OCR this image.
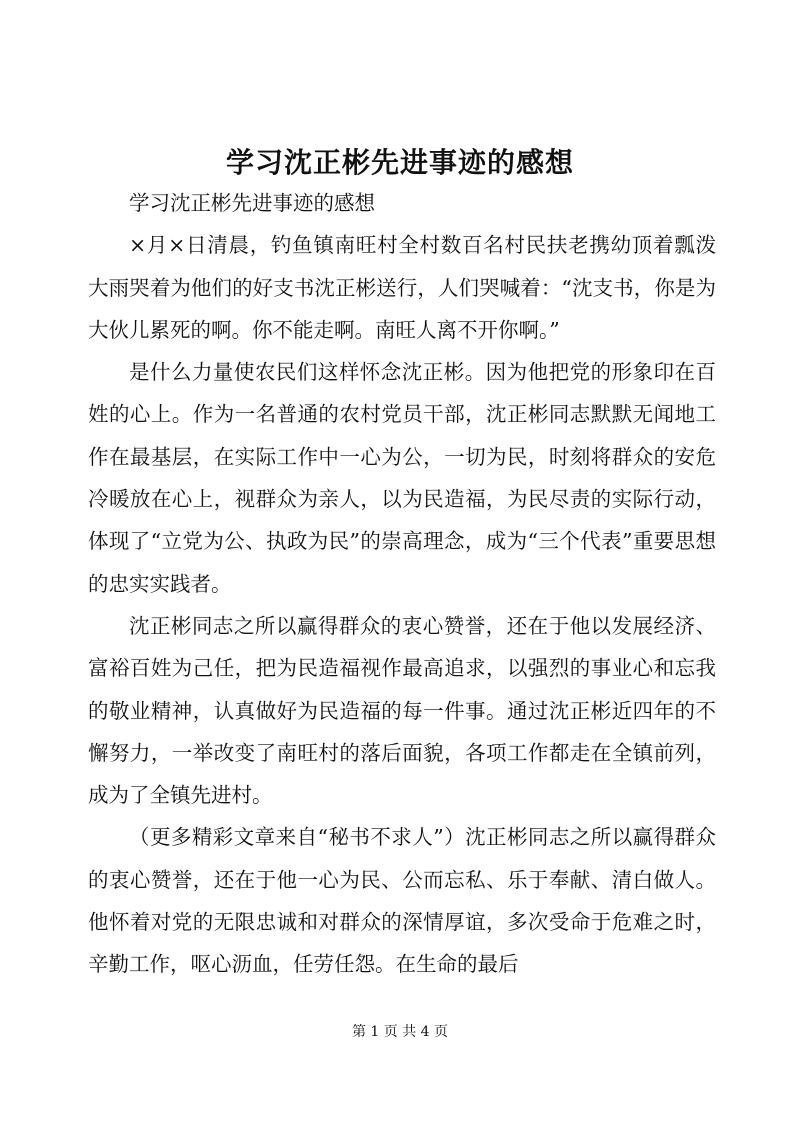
学习沈正彬先进事迹的感想

学习沈正彬先进事迹的感想

×月×日清晨，钓鱼镇南旺村全村数百名村民扶老携幼顶着瓢泼大雨哭着为他们的好支书沈正彬送行，人们哭喊着：“沈支书，你是为大伙儿累死的啊。你不能走啊。南旺人离不开你啊。”

是什么力量使农民们这样怀念沈正彬。因为他把党的形象印在百姓的心上。作为一名普通的农村党员干部，沈正彬同志默默无闻地工作在最基层，在实际工作中一心为公，一切为民，时刻将群众的安危冷暖放在心上，视群众为亲人，以为民造福，为民尽责的实际行动，体现了“立党为公、执政为民”的崇高理念，成为“三个代表”重要思想的忠实实践者。

沈正彬同志之所以赢得群众的衷心赞誉，还在于他以发展经济、富裕百姓为己任，把为民造福视作最高追求，以强烈的事业心和忘我的敬业精神，认真做好为民造福的每一件事。通过沈正彬近四年的不懈努力，一举改变了南旺村的落后面貌，各项工作都走在全镇前列，成为了全镇先进村。

（更多精彩文章来自“秘书不求人”）沈正彬同志之所以赢得群众的衷心赞誉，还在于他一心为民、公而忘私、乐于奉献、清白做人。他怀着对党的无限忠诚和对群众的深情厚谊，多次受命于危难之时，辛勤工作，呕心沥血，任劳任怨。在生命的最后

第 1 页 共 4 页
